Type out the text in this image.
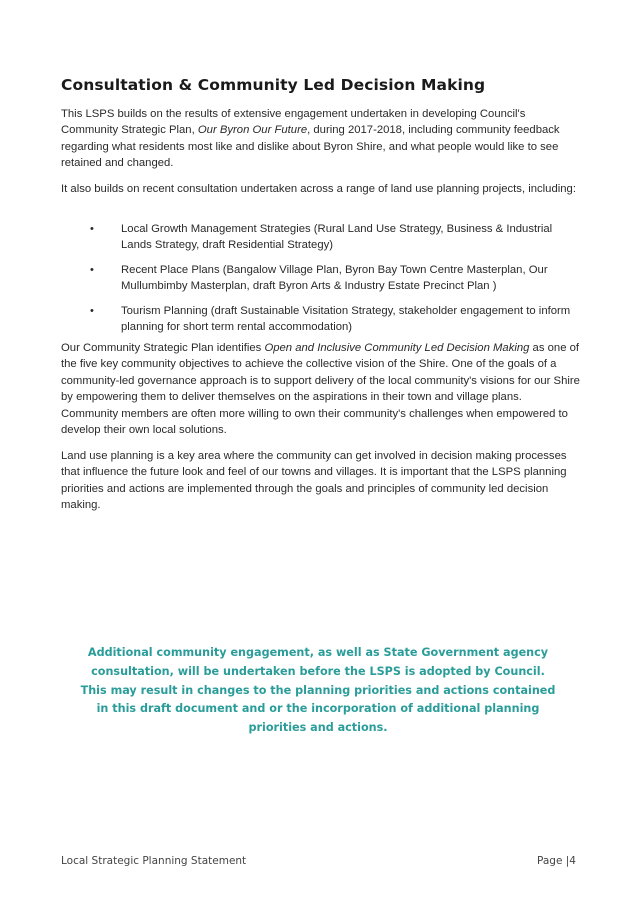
Consultation & Community Led Decision Making

This LSPS builds on the results of extensive engagement undertaken in developing Council's Community Strategic Plan, Our Byron Our Future, during 2017-2018, including community feedback regarding what residents most like and dislike about Byron Shire, and what people would like to see retained and changed.

It also builds on recent consultation undertaken across a range of land use planning projects, including:

• Local Growth Management Strategies (Rural Land Use Strategy, Business & Industrial Lands Strategy, draft Residential Strategy)
• Recent Place Plans (Bangalow Village Plan, Byron Bay Town Centre Masterplan, Our Mullumbimby Masterplan, draft Byron Arts & Industry Estate Precinct Plan )
• Tourism Planning (draft Sustainable Visitation Strategy, stakeholder engagement to inform planning for short term rental accommodation)

Our Community Strategic Plan identifies Open and Inclusive Community Led Decision Making as one of the five key community objectives to achieve the collective vision of the Shire. One of the goals of a community-led governance approach is to support delivery of the local community's visions for our Shire by empowering them to deliver themselves on the aspirations in their town and village plans. Community members are often more willing to own their community's challenges when empowered to develop their own local solutions.

Land use planning is a key area where the community can get involved in decision making processes that influence the future look and feel of our towns and villages. It is important that the LSPS planning priorities and actions are implemented through the goals and principles of community led decision making.

Additional community engagement, as well as State Government agency consultation, will be undertaken before the LSPS is adopted by Council. This may result in changes to the planning priorities and actions contained in this draft document and or the incorporation of additional planning priorities and actions.

Local Strategic Planning Statement	Page |4
